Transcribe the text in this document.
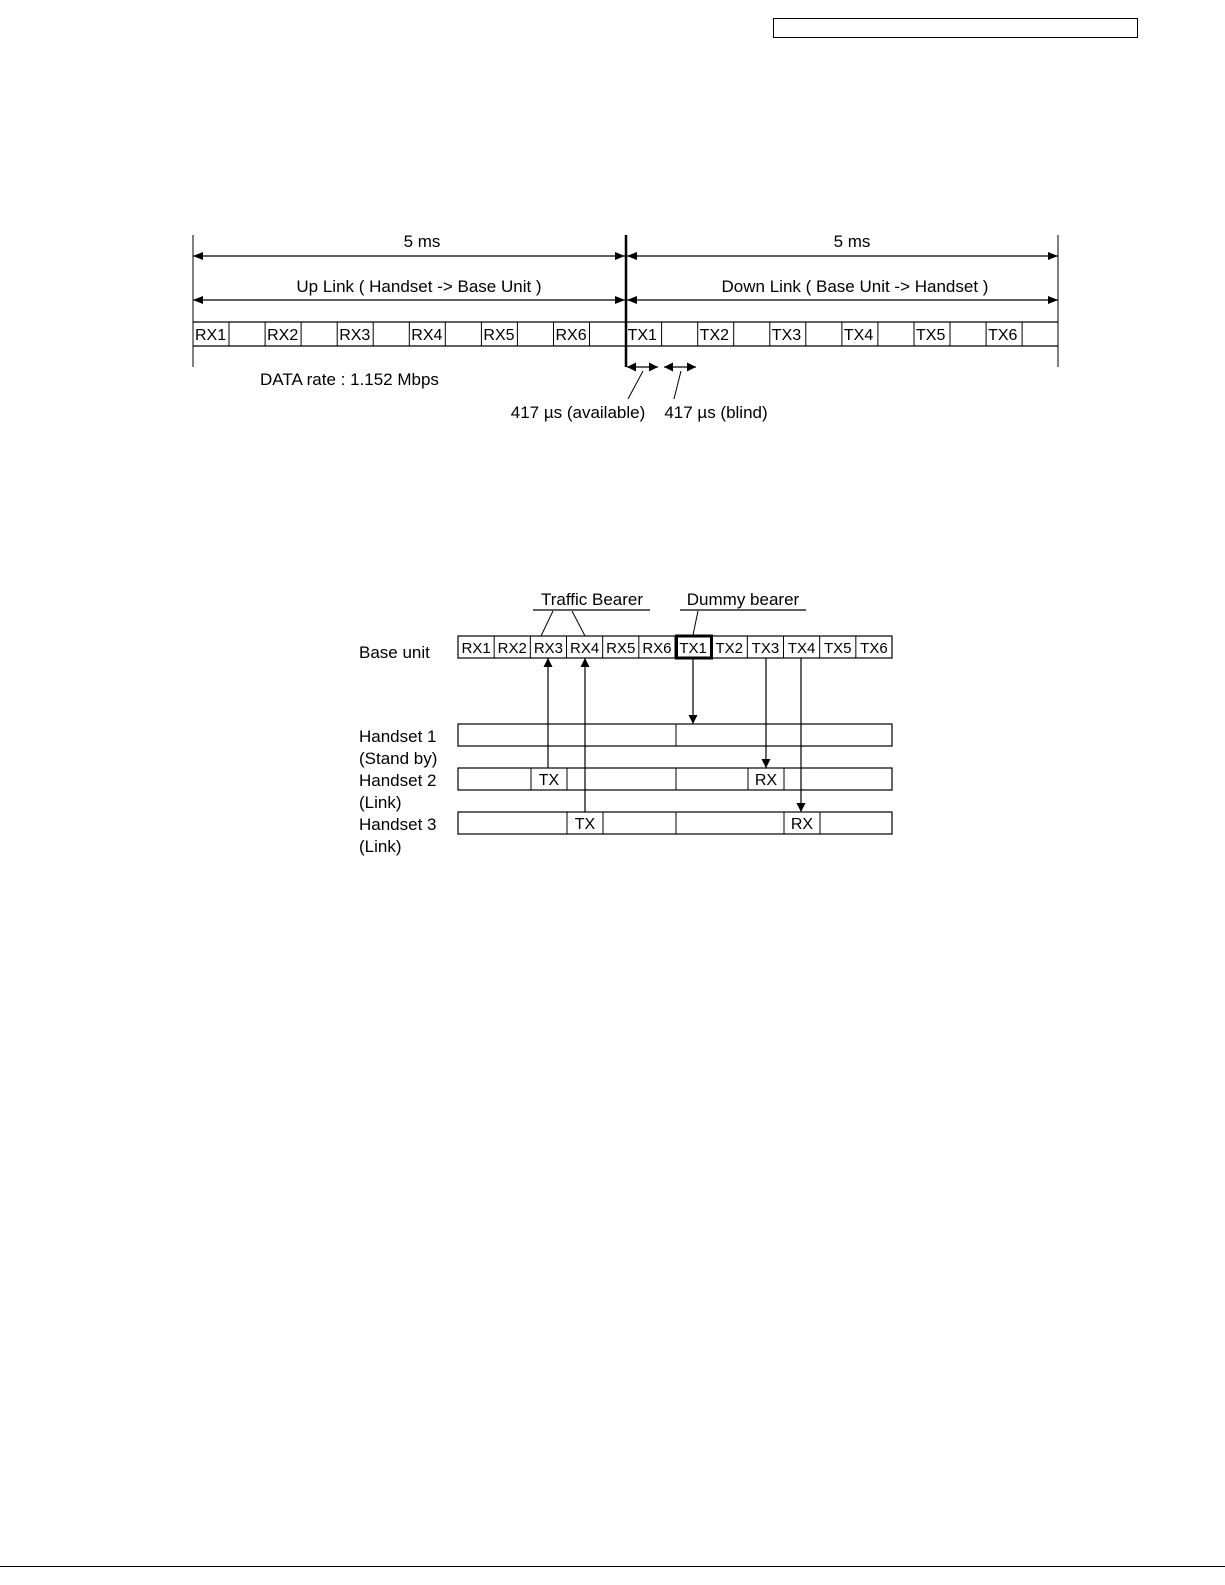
5 ms	5 ms
Up Link ( Handset -> Base Unit )	Down Link ( Base Unit -> Handset )
RX1	RX2	RX3	RX4	RX5	RX6	TX1	TX2	TX3	TX4	TX5	TX6
DATA rate : 1.152 Mbps
417 µs (available) 417 µs (blind)
Traffic Bearer	Dummy bearer
Base unit RX1 RX2 RX3 RX4 RX5 RX6 TX1 TX2 TX3 TX4 TX5 TX6
Handset 1
(Stand by)
Handset 2
(Link)
Handset 3
(Link)
TX	RX
TX	RX
